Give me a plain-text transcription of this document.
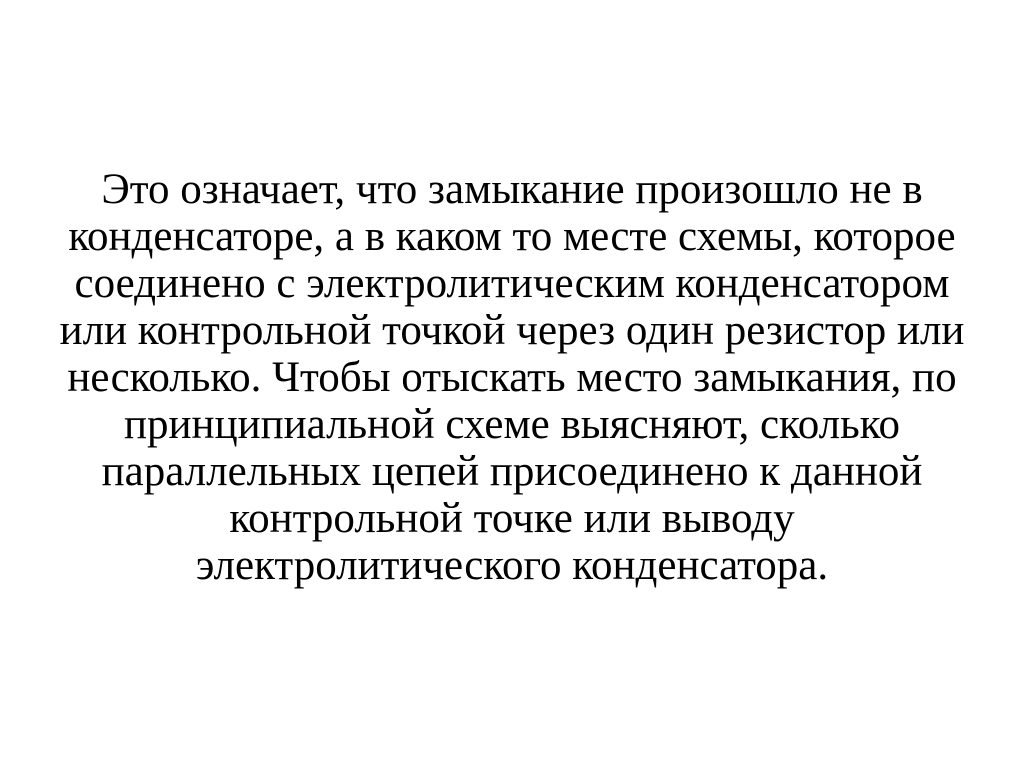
Это означает, что замыкание произошло не в
конденсаторе, а в каком то месте схемы, которое
соединено с электролитическим конденсатором
или контрольной точкой через один резистор или
несколько. Чтобы отыскать место замыкания, по
принципиальной схеме выясняют, сколько
параллельных цепей присоединено к данной
контрольной точке или выводу
электролитического конденсатора.
